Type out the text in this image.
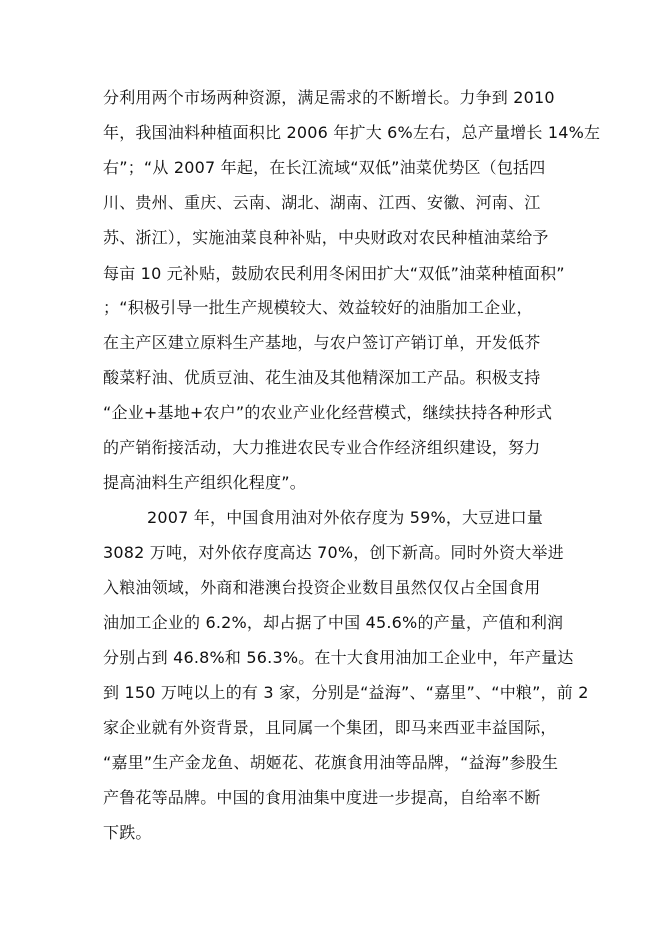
分利用两个市场两种资源，满足需求的不断增长。力争到 2010
年，我国油料种植面积比 2006 年扩大 6%左右，总产量增长 14%左
右”；“从 2007 年起，在长江流域“双低”油菜优势区（包括四
川、贵州、重庆、云南、湖北、湖南、江西、安徽、河南、江
苏、浙江），实施油菜良种补贴，中央财政对农民种植油菜给予
每亩 10 元补贴，鼓励农民利用冬闲田扩大“双低”油菜种植面积”
；“积极引导一批生产规模较大、效益较好的油脂加工企业，
在主产区建立原料生产基地，与农户签订产销订单，开发低芥
酸菜籽油、优质豆油、花生油及其他精深加工产品。积极支持
“企业+基地+农户”的农业产业化经营模式，继续扶持各种形式
的产销衔接活动，大力推进农民专业合作经济组织建设，努力
提高油料生产组织化程度”。
2007 年，中国食用油对外依存度为 59%，大豆进口量
3082 万吨，对外依存度高达 70%，创下新高。同时外资大举进
入粮油领域，外商和港澳台投资企业数目虽然仅仅占全国食用
油加工企业的 6.2%，却占据了中国 45.6%的产量，产值和利润
分别占到 46.8%和 56.3%。在十大食用油加工企业中，年产量达
到 150 万吨以上的有 3 家，分别是“益海”、“嘉里”、“中粮”，前 2
家企业就有外资背景，且同属一个集团，即马来西亚丰益国际，
“嘉里”生产金龙鱼、胡姬花、花旗食用油等品牌，“益海”参股生
产鲁花等品牌。中国的食用油集中度进一步提高，自给率不断
下跌。
